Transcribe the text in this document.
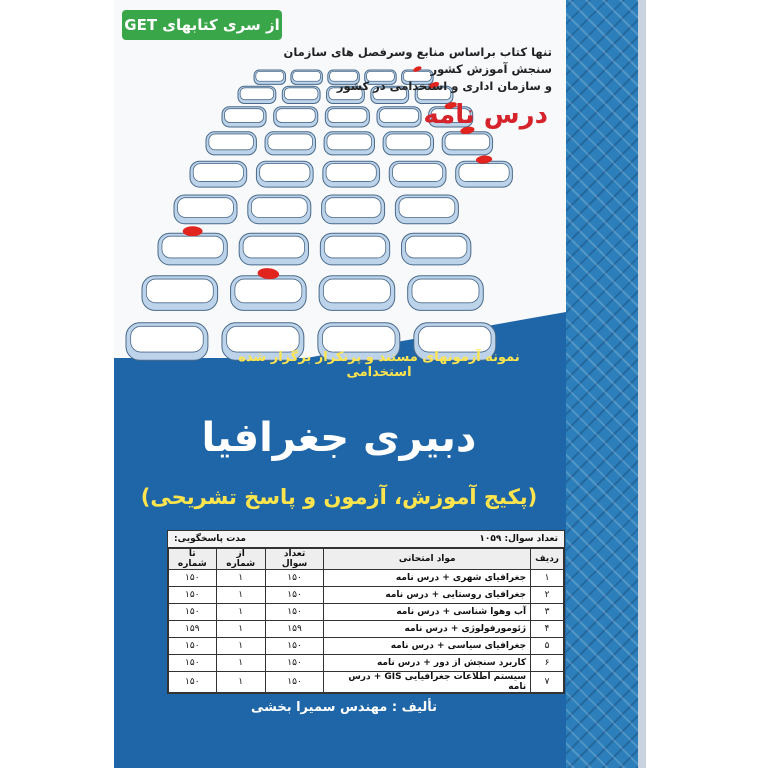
از سری کتابهای GET
تنها کتاب براساس منابع وسرفصل های سازمان سنجش آموزش کشور
و سازمان اداری و استخدامی در کشور
درس نامه
نمونه آزمونهای مستند و پرتکرار برگزار شده استخدامی
دبیری جغرافیا
(پکیج آموزش، آزمون و پاسخ تشریحی)
تعداد سوال: ۱۰۵۹
مدت پاسخگویی:
ردیف	مواد امتحانی	تعداد سوال	از شماره	تا شماره
۱	جغرافیای شهری + درس نامه	۱۵۰	۱	۱۵۰
۲	جغرافیای روستایی + درس نامه	۱۵۰	۱	۱۵۰
۳	آب وهوا شناسی + درس نامه	۱۵۰	۱	۱۵۰
۴	ژئومورفولوژی + درس نامه	۱۵۹	۱	۱۵۹
۵	جغرافیای سیاسی + درس نامه	۱۵۰	۱	۱۵۰
۶	کاربرد سنجش از دور + درس نامه	۱۵۰	۱	۱۵۰
۷	سیستم اطلاعات جغرافیایی GIS + درس نامه	۱۵۰	۱	۱۵۰
تألیف : مهندس سمیرا بخشی
